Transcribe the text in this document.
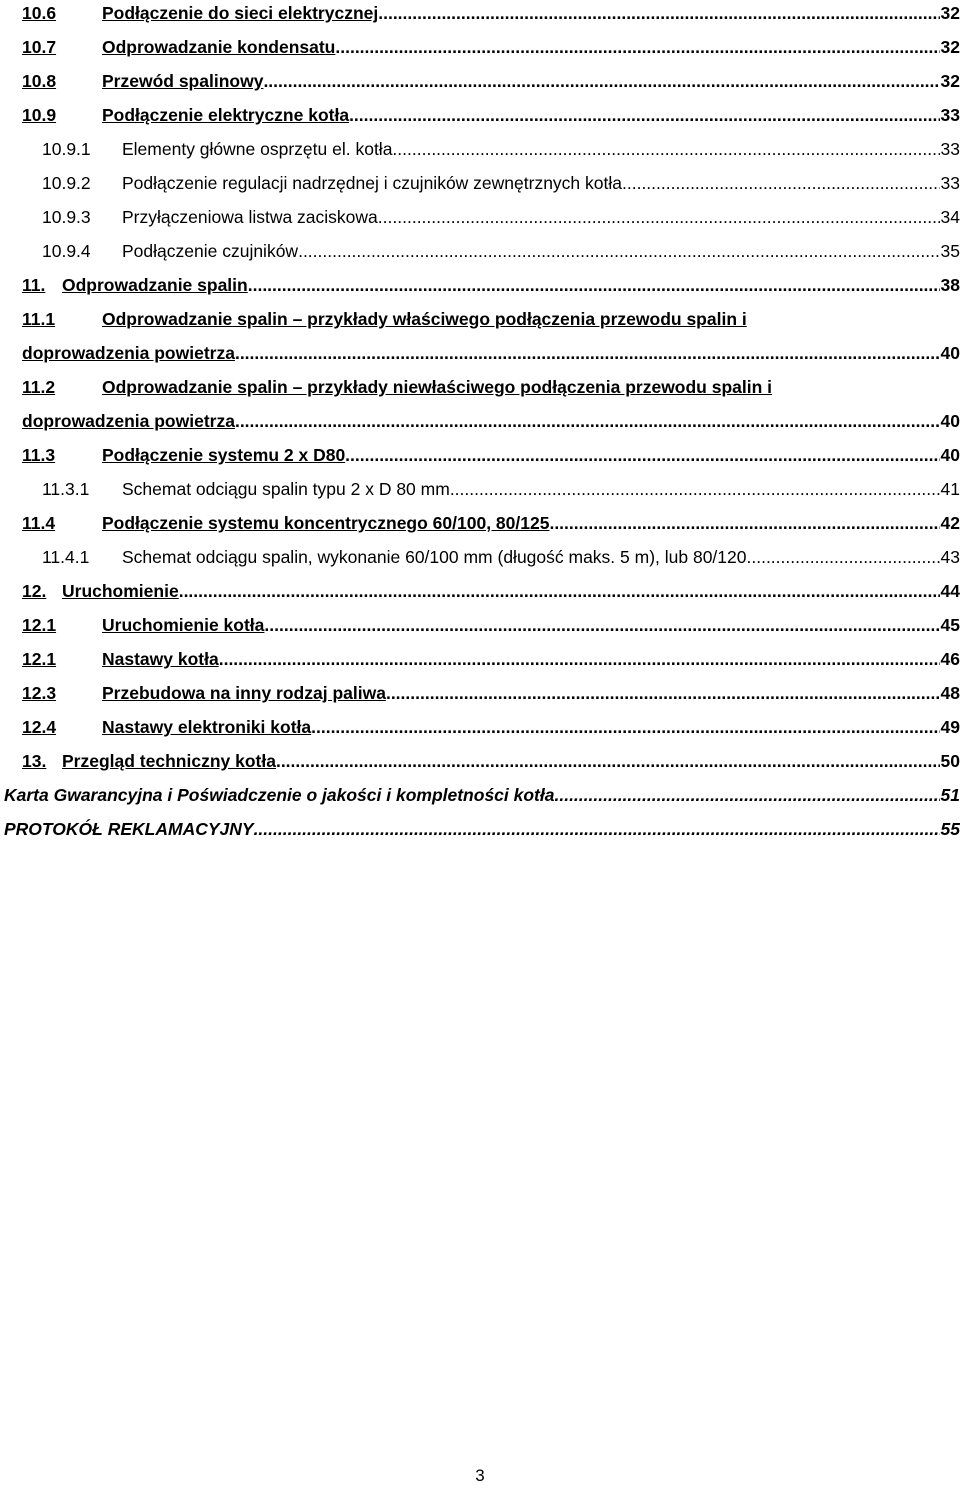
10.6	Podłączenie do sieci elektrycznej .....	32
10.7	Odprowadzanie kondensatu .....	32
10.8	Przewód spalinowy .....	32
10.9	Podłączenie elektryczne kotła .....	33
10.9.1	Elementy główne osprzętu el. kotła .....	33
10.9.2	Podłączenie regulacji nadrzędnej i czujników zewnętrznych kotła .....	33
10.9.3	Przyłączeniowa listwa zaciskowa .....	34
10.9.4	Podłączenie czujników .....	35
11. Odprowadzanie spalin .....	38
11.1	Odprowadzanie spalin – przykłady właściwego podłączenia przewodu spalin i
doprowadzenia powietrza .....	40
11.2	Odprowadzanie spalin – przykłady niewłaściwego podłączenia przewodu spalin i
doprowadzenia powietrza .....	40
11.3	Podłączenie systemu 2 x D80 .....	40
11.3.1	Schemat odciągu spalin typu 2 x D 80 mm .....	41
11.4	Podłączenie systemu koncentrycznego 60/100, 80/125 .....	42
11.4.1	Schemat odciągu spalin, wykonanie 60/100 mm (długość maks. 5 m), lub 80/120 .....	43
12. Uruchomienie .....	44
12.1	Uruchomienie kotła .....	45
12.1	Nastawy kotła .....	46
12.3	Przebudowa na inny rodzaj paliwa .....	48
12.4	Nastawy elektroniki kotła .....	49
13. Przegląd techniczny kotła .....	50
Karta Gwarancyjna i Poświadczenie o jakości i kompletności kotła .....	51
PROTOKÓŁ REKLAMACYJNY .....	55
3
